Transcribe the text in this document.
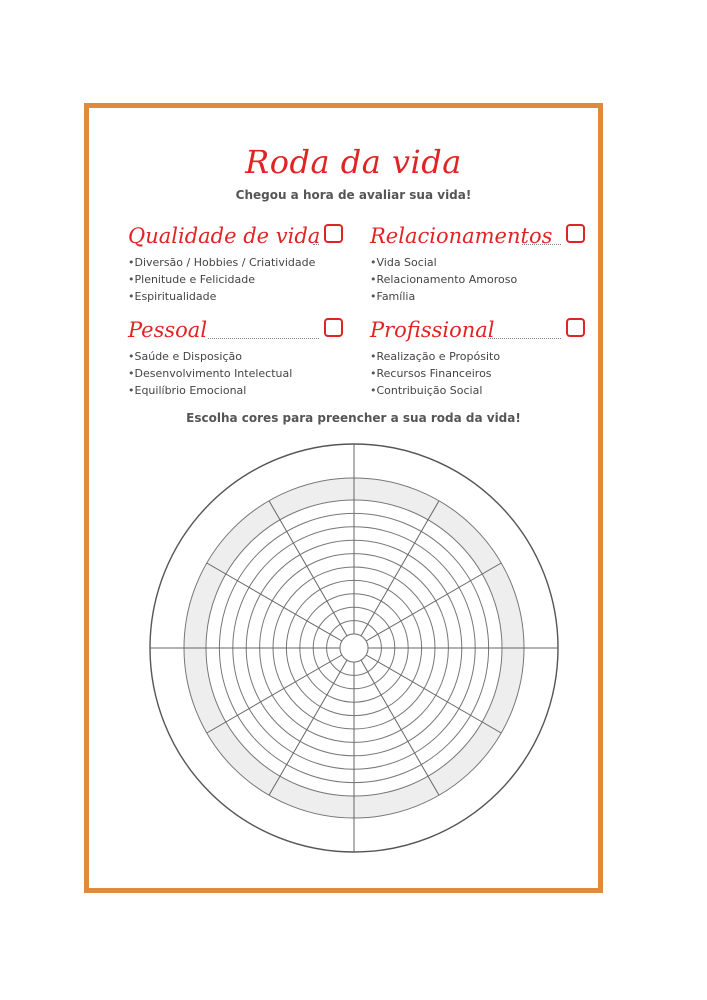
Roda da vida
Chegou a hora de avaliar sua vida!
Qualidade de vida
• Diversão / Hobbies / Criatividade
• Plenitude e Felicidade
• Espiritualidade
Relacionamentos
• Vida Social
• Relacionamento Amoroso
• Família
Pessoal
• Saúde e Disposição
• Desenvolvimento Intelectual
• Equilíbrio Emocional
Profissional
• Realização e Propósito
• Recursos Financeiros
• Contribuição Social
Escolha cores para preencher a sua roda da vida!
